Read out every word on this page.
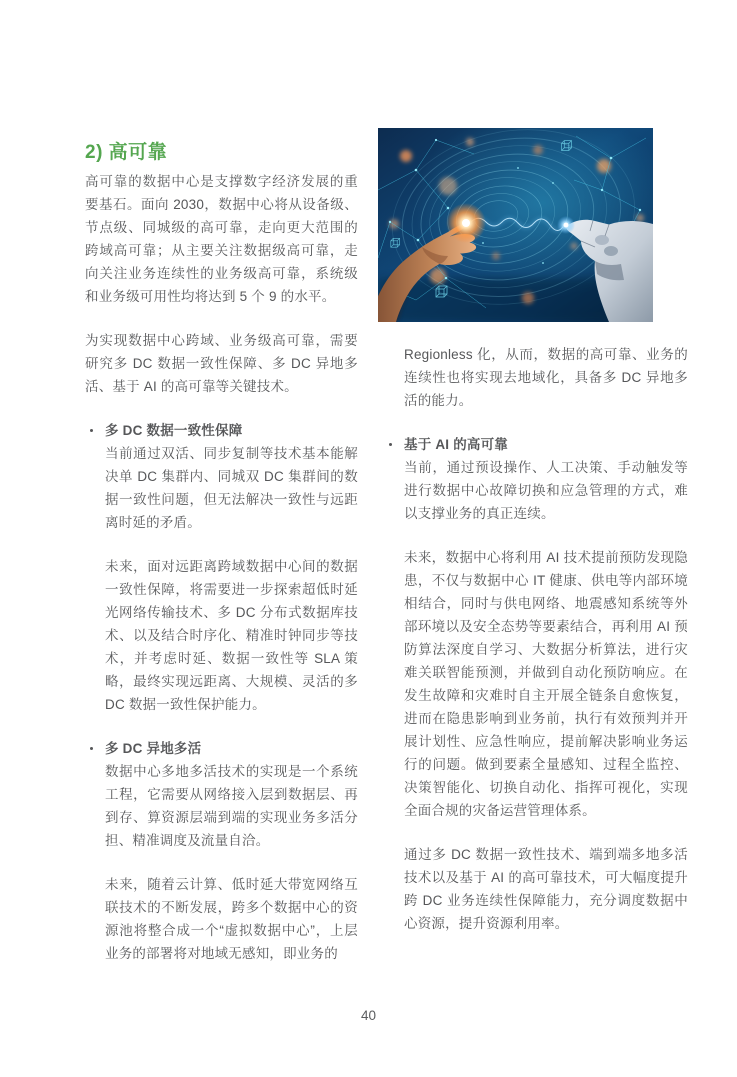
2) 高可靠

高可靠的数据中心是支撑数字经济发展的重要基石。面向 2030，数据中心将从设备级、节点级、同城级的高可靠，走向更大范围的跨域高可靠；从主要关注数据级高可靠，走向关注业务连续性的业务级高可靠，系统级和业务级可用性均将达到 5 个 9 的水平。

为实现数据中心跨域、业务级高可靠，需要研究多 DC 数据一致性保障、多 DC 异地多活、基于 AI 的高可靠等关键技术。

多 DC 数据一致性保障

当前通过双活、同步复制等技术基本能解决单 DC 集群内、同城双 DC 集群间的数据一致性问题，但无法解决一致性与远距离时延的矛盾。

未来，面对远距离跨域数据中心间的数据一致性保障，将需要进一步探索超低时延光网络传输技术、多 DC 分布式数据库技术、以及结合时序化、精准时钟同步等技术，并考虑时延、数据一致性等 SLA 策略，最终实现远距离、大规模、灵活的多 DC 数据一致性保护能力。

多 DC 异地多活

数据中心多地多活技术的实现是一个系统工程，它需要从网络接入层到数据层、再到存、算资源层端到端的实现业务多活分担、精准调度及流量自洽。

未来，随着云计算、低时延大带宽网络互联技术的不断发展，跨多个数据中心的资源池将整合成一个“虚拟数据中心”，上层业务的部署将对地域无感知，即业务的

Regionless 化，从而，数据的高可靠、业务的连续性也将实现去地域化，具备多 DC 异地多活的能力。

基于 AI 的高可靠

当前，通过预设操作、人工决策、手动触发等进行数据中心故障切换和应急管理的方式，难以支撑业务的真正连续。

未来，数据中心将利用 AI 技术提前预防发现隐患，不仅与数据中心 IT 健康、供电等内部环境相结合，同时与供电网络、地震感知系统等外部环境以及安全态势等要素结合，再利用 AI 预防算法深度自学习、大数据分析算法，进行灾难关联智能预测，并做到自动化预防响应。在发生故障和灾难时自主开展全链条自愈恢复，进而在隐患影响到业务前，执行有效预判并开展计划性、应急性响应，提前解决影响业务运行的问题。做到要素全量感知、过程全监控、决策智能化、切换自动化、指挥可视化，实现全面合规的灾备运营管理体系。

通过多 DC 数据一致性技术、端到端多地多活技术以及基于 AI 的高可靠技术，可大幅度提升跨 DC 业务连续性保障能力，充分调度数据中心资源，提升资源利用率。

40
